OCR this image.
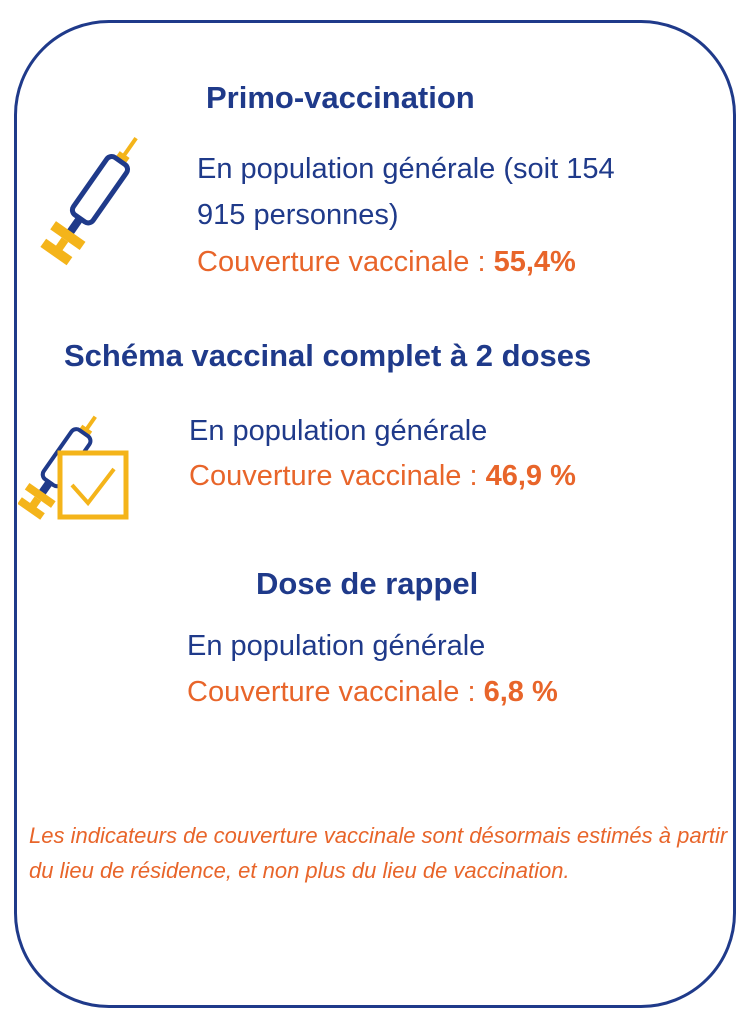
Primo-vaccination
En population générale (soit 154
915 personnes)
Couverture vaccinale : 55,4%
Schéma vaccinal complet à 2 doses
En population générale
Couverture vaccinale : 46,9 %
Dose de rappel
En population générale
Couverture vaccinale : 6,8 %
Les indicateurs de couverture vaccinale sont désormais estimés à partir du lieu de résidence, et non plus du lieu de vaccination.
